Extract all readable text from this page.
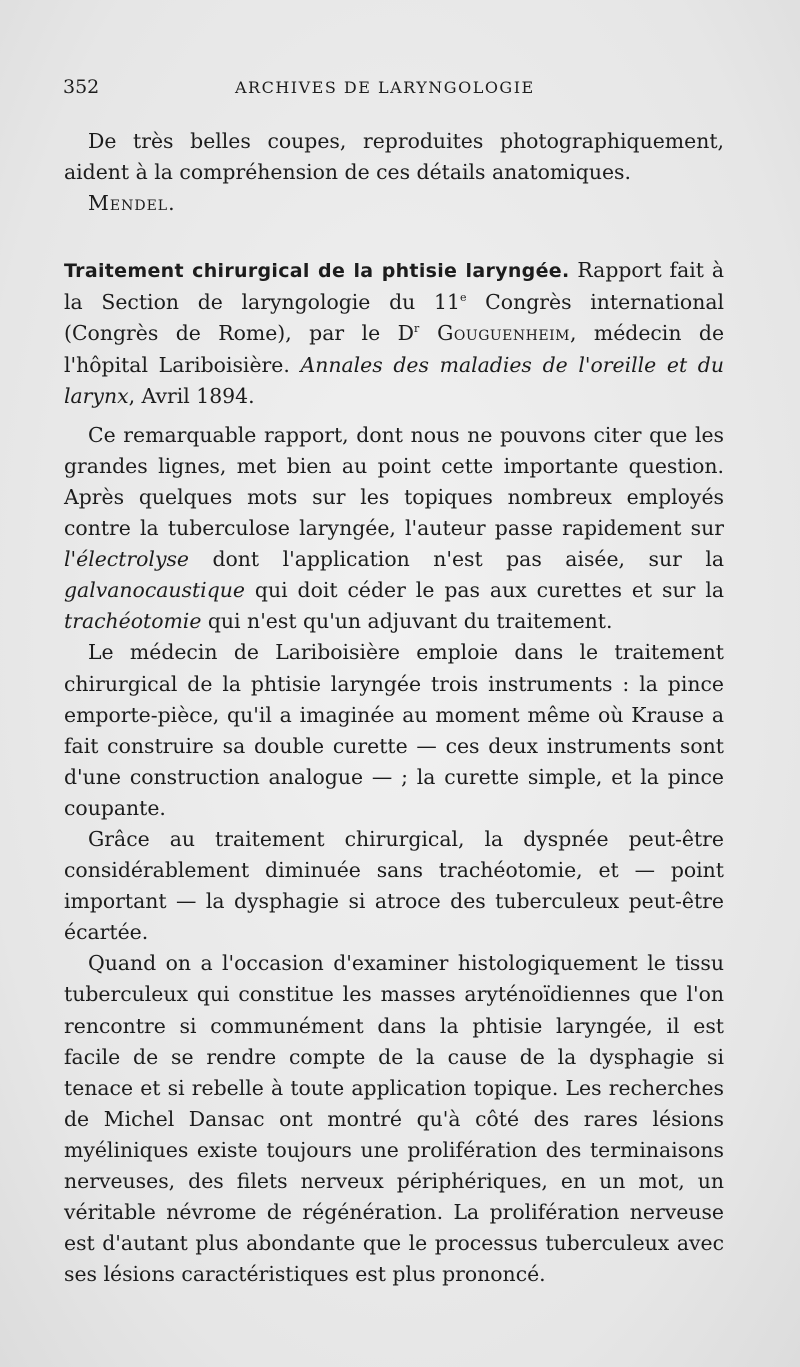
352	ARCHIVES DE LARYNGOLOGIE

De très belles coupes, reproduites photographiquement, aident à la compréhension de ces détails anatomiques.

Mendel.

Traitement chirurgical de la phtisie laryngée. Rapport fait à la Section de laryngologie du 11e Congrès international (Congrès de Rome), par le $D^r$ Gouguenheim, médecin de l'hôpital Lariboisière. Annales des maladies de l'oreille et du larynx, Avril 1894.

Ce remarquable rapport, dont nous ne pouvons citer que les grandes lignes, met bien au point cette importante question. Après quelques mots sur les topiques nombreux employés contre la tuberculose laryngée, l'auteur passe rapidement sur l'électrolyse dont l'application n'est pas aisée, sur la galvanocaustique qui doit céder le pas aux curettes et sur la trachéotomie qui n'est qu'un adjuvant du traitement.

Le médecin de Lariboisière emploie dans le traitement chirurgical de la phtisie laryngée trois instruments : la pince emporte-pièce, qu'il a imaginée au moment même où Krause a fait construire sa double curette — ces deux instruments sont d'une construction analogue — ; la curette simple, et la pince coupante.

Grâce au traitement chirurgical, la dyspnée peut-être considérablement diminuée sans trachéotomie, et — point important — la dysphagie si atroce des tuberculeux peut-être écartée.

Quand on a l'occasion d'examiner histologiquement le tissu tuberculeux qui constitue les masses aryténoïdiennes que l'on rencontre si communément dans la phtisie laryngée, il est facile de se rendre compte de la cause de la dysphagie si tenace et si rebelle à toute application topique. Les recherches de Michel Dansac ont montré qu'à côté des rares lésions myéliniques existe toujours une prolifération des terminaisons nerveuses, des filets nerveux périphériques, en un mot, un véritable névrome de régénération. La prolifération nerveuse est d'autant plus abondante que le processus tuberculeux avec ses lésions caractéristiques est plus prononcé.
